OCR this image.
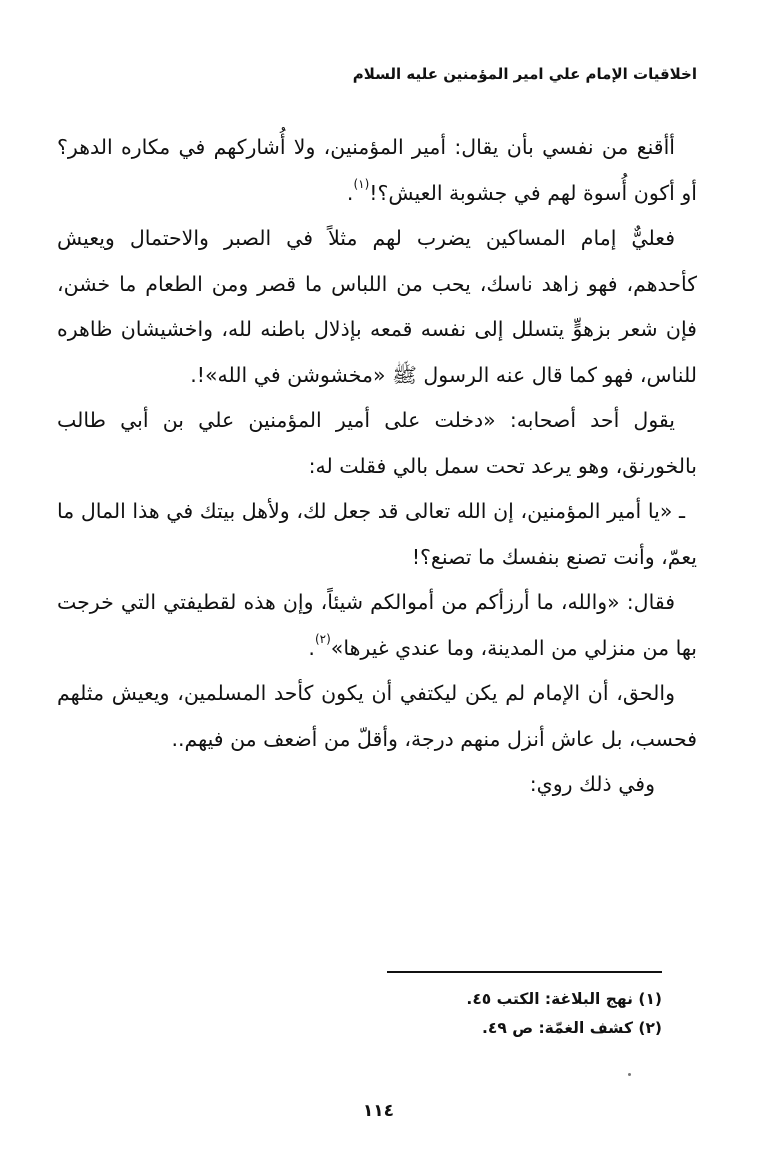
اخلاقيات الإمام علي امير المؤمنين عليه السلام

أأقنع من نفسي بأن يقال: أمير المؤمنين، ولا أُشاركهم في مكاره الدهر؟ أو أكون أُسوة لهم في جشوبة العيش؟!$^{(١)}$.

فعليٌّ إمام المساكين يضرب لهم مثلاً في الصبر والاحتمال ويعيش كأحدهم، فهو زاهد ناسك، يحب من اللباس ما قصر ومن الطعام ما خشن، فإن شعر بزهوٍّ يتسلل إلى نفسه قمعه بإذلال باطنه لله، واخشيشان ظاهره للناس، فهو كما قال عنه الرسول ﷺ «مخشوشن في الله»!.

يقول أحد أصحابه: «دخلت على أمير المؤمنين علي بن أبي طالب بالخورنق، وهو يرعد تحت سمل بالي فقلت له:

ـ «يا أمير المؤمنين، إن الله تعالى قد جعل لك، ولأهل بيتك في هذا المال ما يعمّ، وأنت تصنع بنفسك ما تصنع؟!

فقال: «والله، ما أرزأكم من أموالكم شيئاً، وإن هذه لقطيفتي التي خرجت بها من منزلي من المدينة، وما عندي غيرها»$^{(٢)}$.

والحق، أن الإمام لم يكن ليكتفي أن يكون كأحد المسلمين، ويعيش مثلهم فحسب، بل عاش أنزل منهم درجة، وأقلّ من أضعف من فيهم..

وفي ذلك روي:

(١) نهج البلاغة: الكتب ٤٥.

(٢) كشف الغمّة: ص ٤٩.

١١٤
